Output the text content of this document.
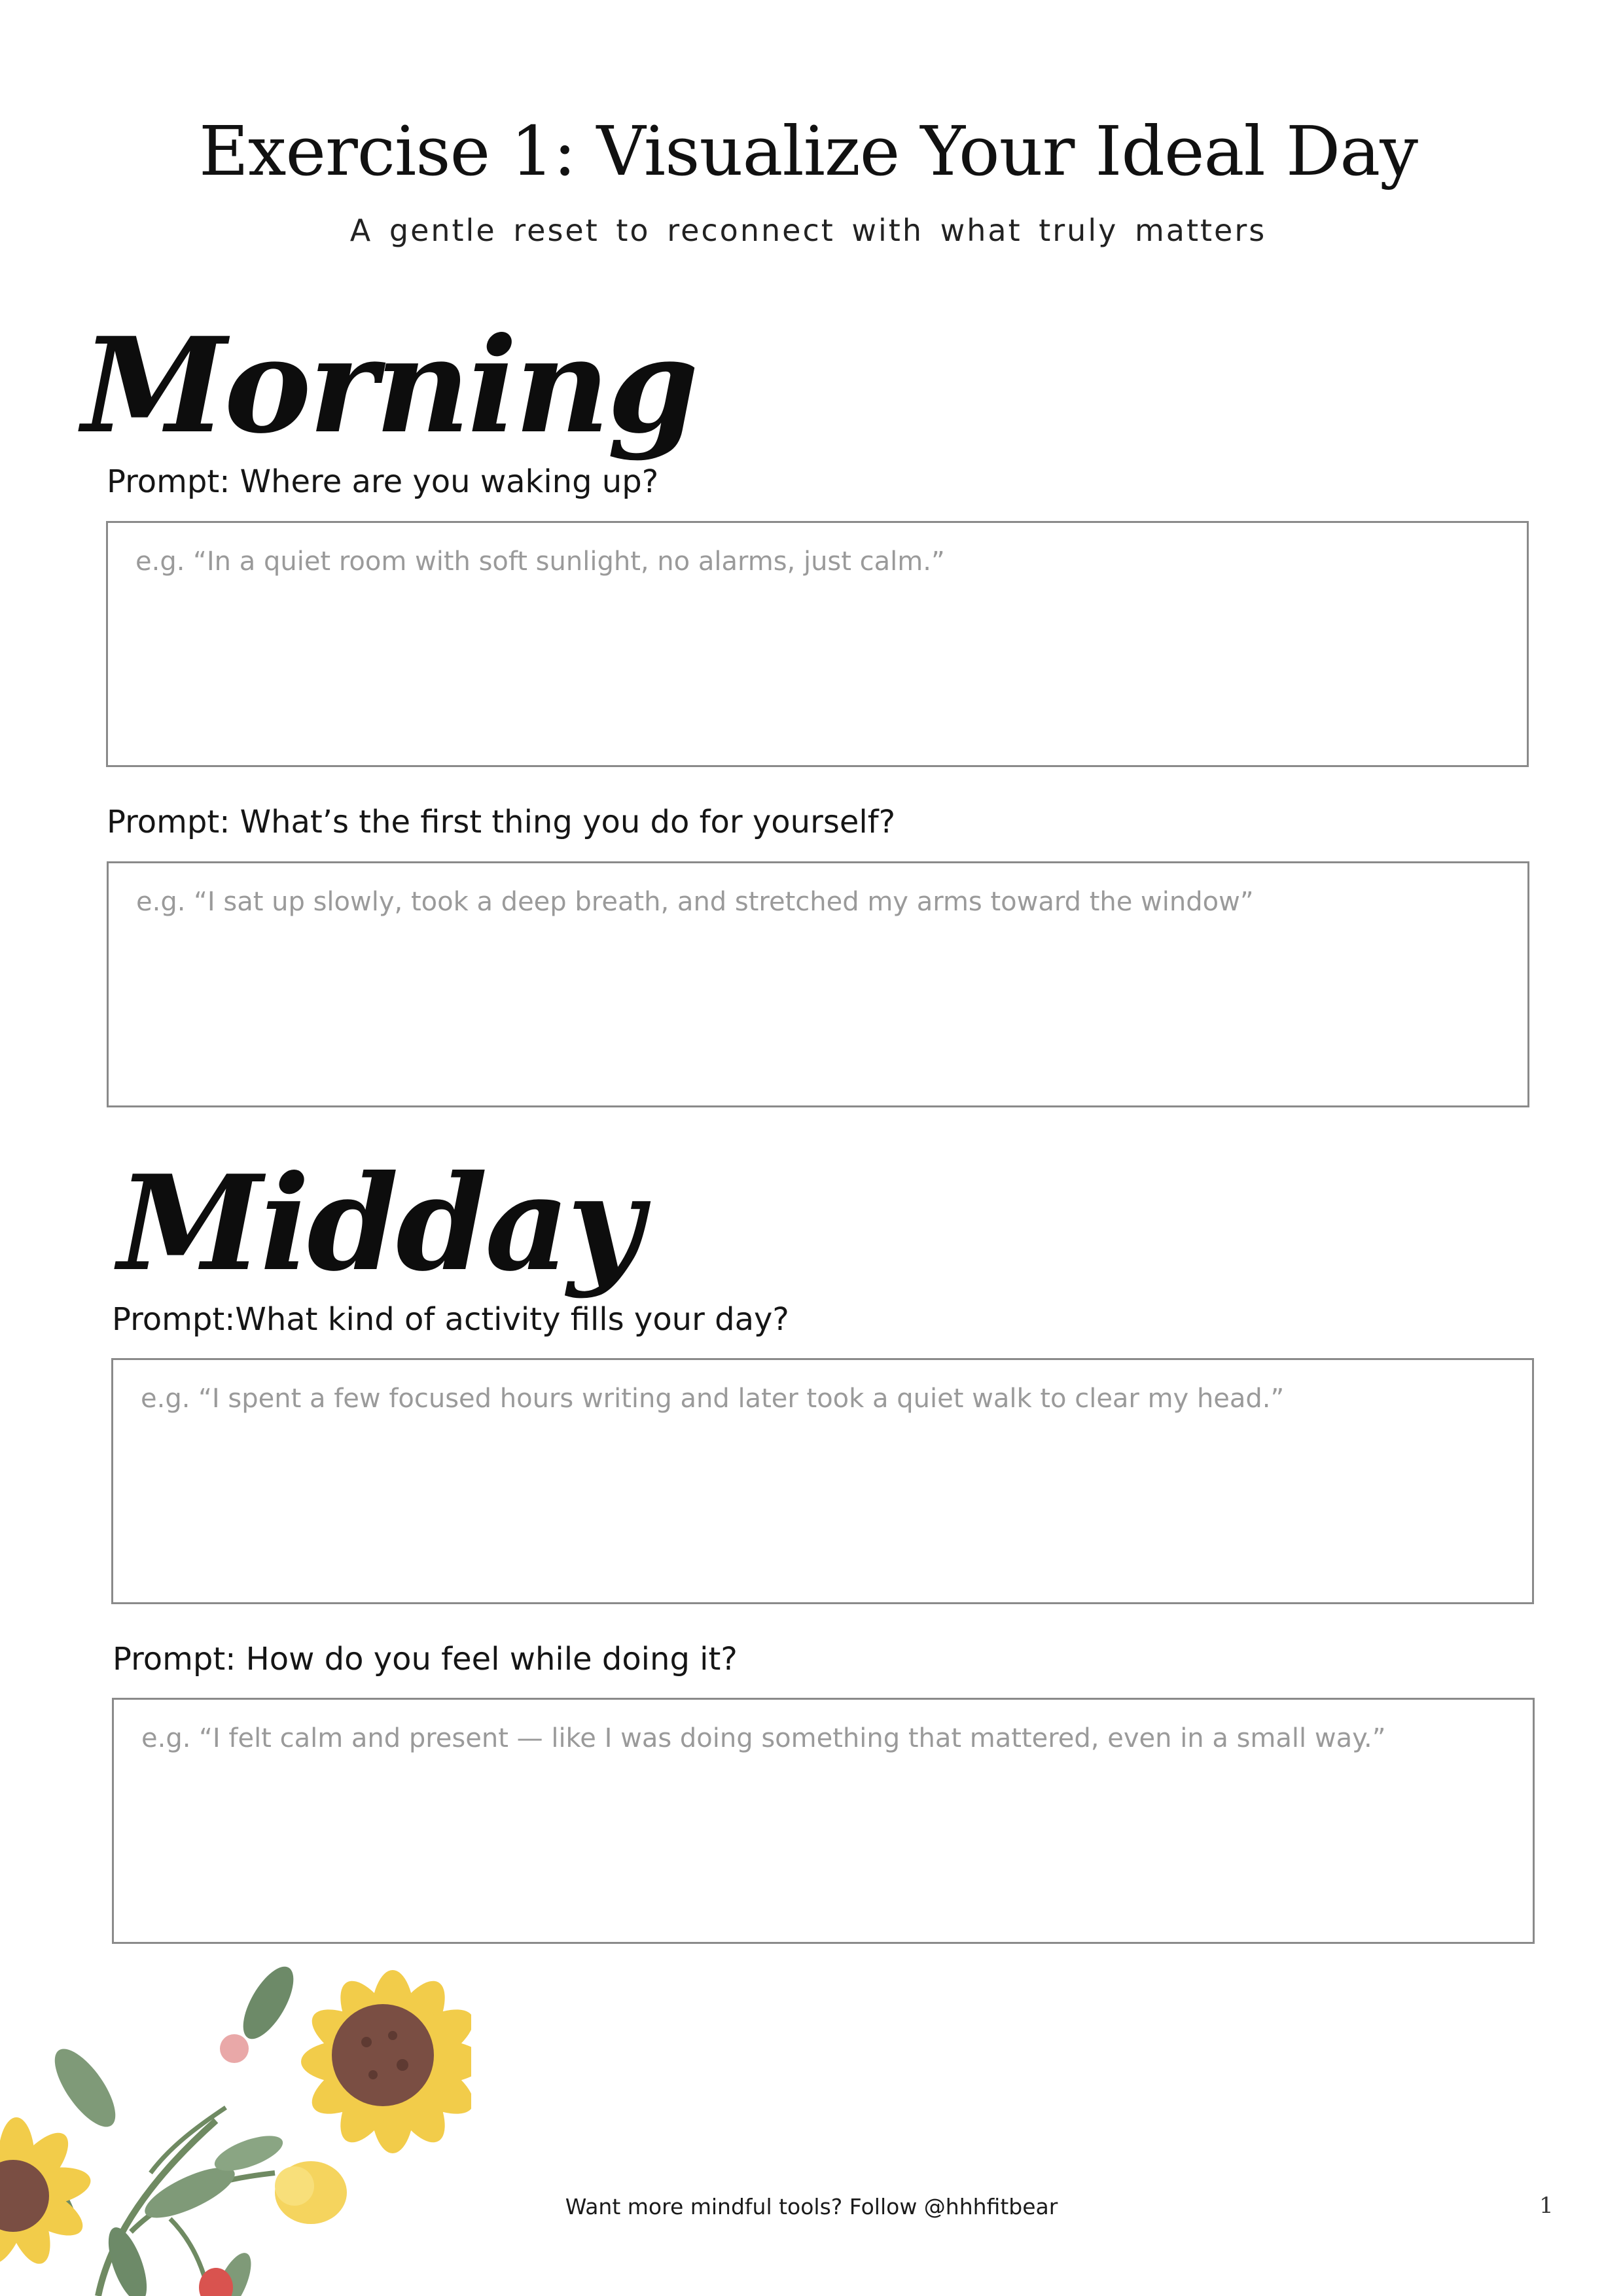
Exercise 1: Visualize Your Ideal Day

A gentle reset to reconnect with what truly matters

Morning

Prompt: Where are you waking up?

e.g. “In a quiet room with soft sunlight, no alarms, just calm.”

Prompt: What’s the first thing you do for yourself?

e.g. “I sat up slowly, took a deep breath, and stretched my arms toward the window”
Midday

Prompt:What kind of activity fills your day?

e.g. “I spent a few focused hours writing and later took a quiet walk to clear my head.”

Prompt: How do you feel while doing it?

e.g. “I felt calm and present — like I was doing something that mattered, even in a small way.”
Want more mindful tools? Follow @hhhfitbear	1
